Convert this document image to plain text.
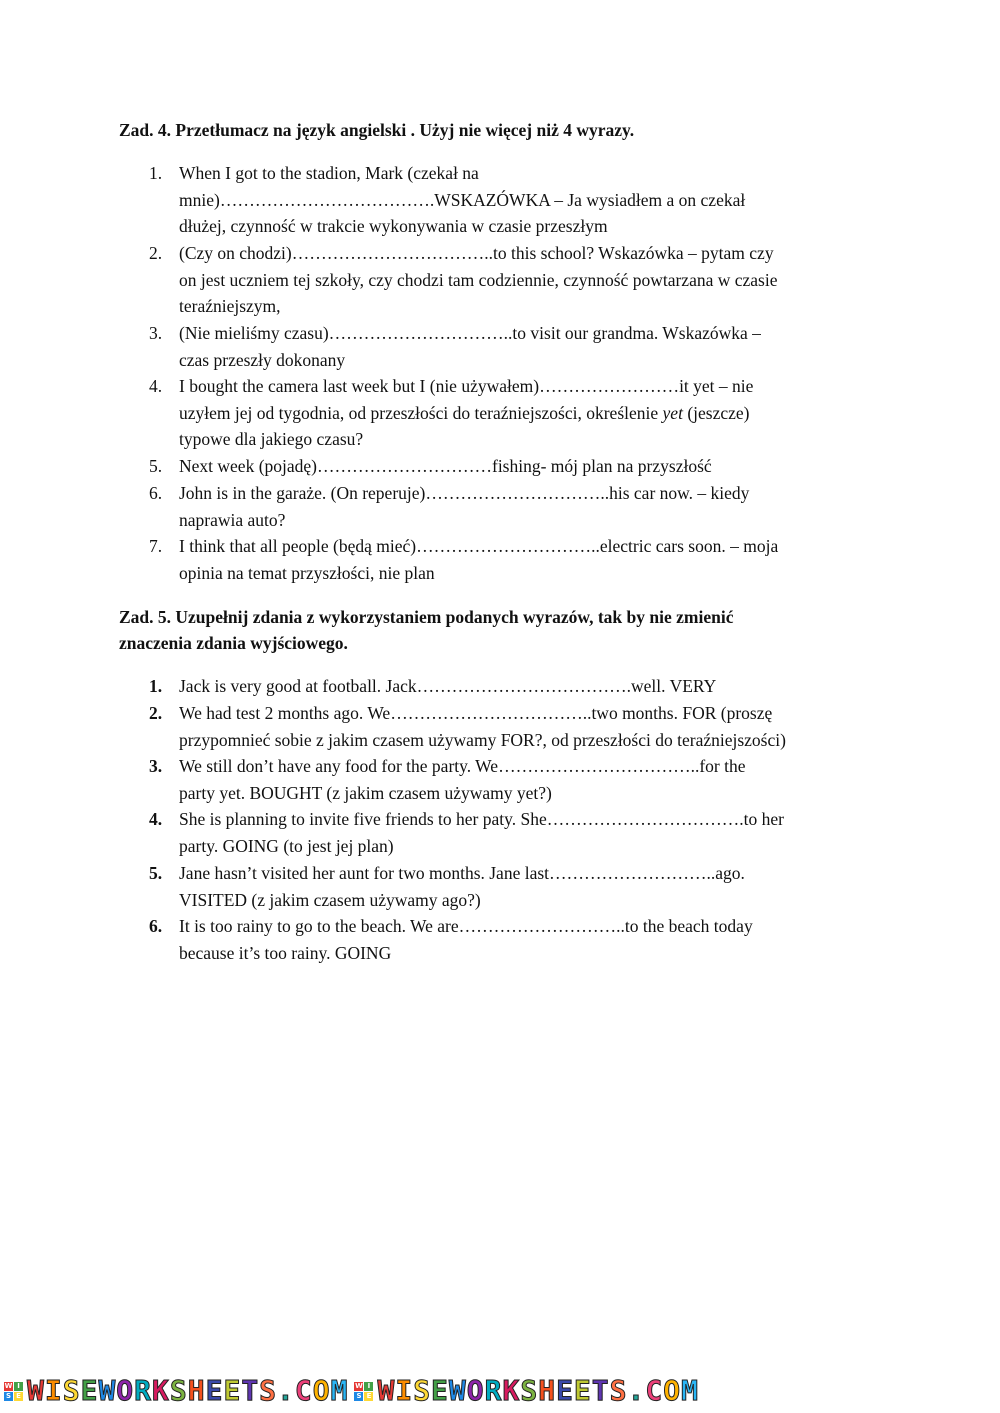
Zad. 4. Przetłumacz na język angielski . Użyj nie więcej niż 4 wyrazy.
1. When I got to the stadion, Mark (czekał na
mnie)……………………………….WSKAZÓWKA – Ja wysiadłem a on czekał
dłużej, czynność w trakcie wykonywania w czasie przeszłym
2. (Czy on chodzi)……………………………..to this school? Wskazówka – pytam czy
on jest uczniem tej szkoły, czy chodzi tam codziennie, czynność powtarzana w czasie
teraźniejszym,
3. (Nie mieliśmy czasu)…………………………..to visit our grandma. Wskazówka –
czas przeszły dokonany
4. I bought the camera last week but I (nie używałem)……………………it yet – nie
uzyłem jej od tygodnia, od przeszłości do teraźniejszości, określenie yet (jeszcze)
typowe dla jakiego czasu?
5. Next week (pojadę)…………………………fishing- mój plan na przyszłość
6. John is in the garaże. (On reperuje)…………………………..his car now. – kiedy
naprawia auto?
7. I think that all people (będą mieć)…………………………..electric cars soon. – moja
opinia na temat przyszłości, nie plan
Zad. 5. Uzupełnij zdania z wykorzystaniem podanych wyrazów, tak by nie zmienić
znaczenia zdania wyjściowego.
1. Jack is very good at football. Jack……………………………….well. VERY
2. We had test 2 months ago. We……………………………..two months. FOR (proszę
przypomnieć sobie z jakim czasem używamy FOR?, od przeszłości do teraźniejszości)
3. We still don’t have any food for the party. We……………………………..for the
party yet. BOUGHT (z jakim czasem używamy yet?)
4. She is planning to invite five friends to her paty. She…………………………….to her
party. GOING (to jest jej plan)
5. Jane hasn’t visited her aunt for two months. Jane last………………………..ago.
VISITED (z jakim czasem używamy ago?)
6. It is too rainy to go to the beach. We are………………………..to the beach today
because it’s too rainy. GOING
W I
S E WISEWORKSHEETS.COM W I
S E WISEWORKSHEETS.COM
